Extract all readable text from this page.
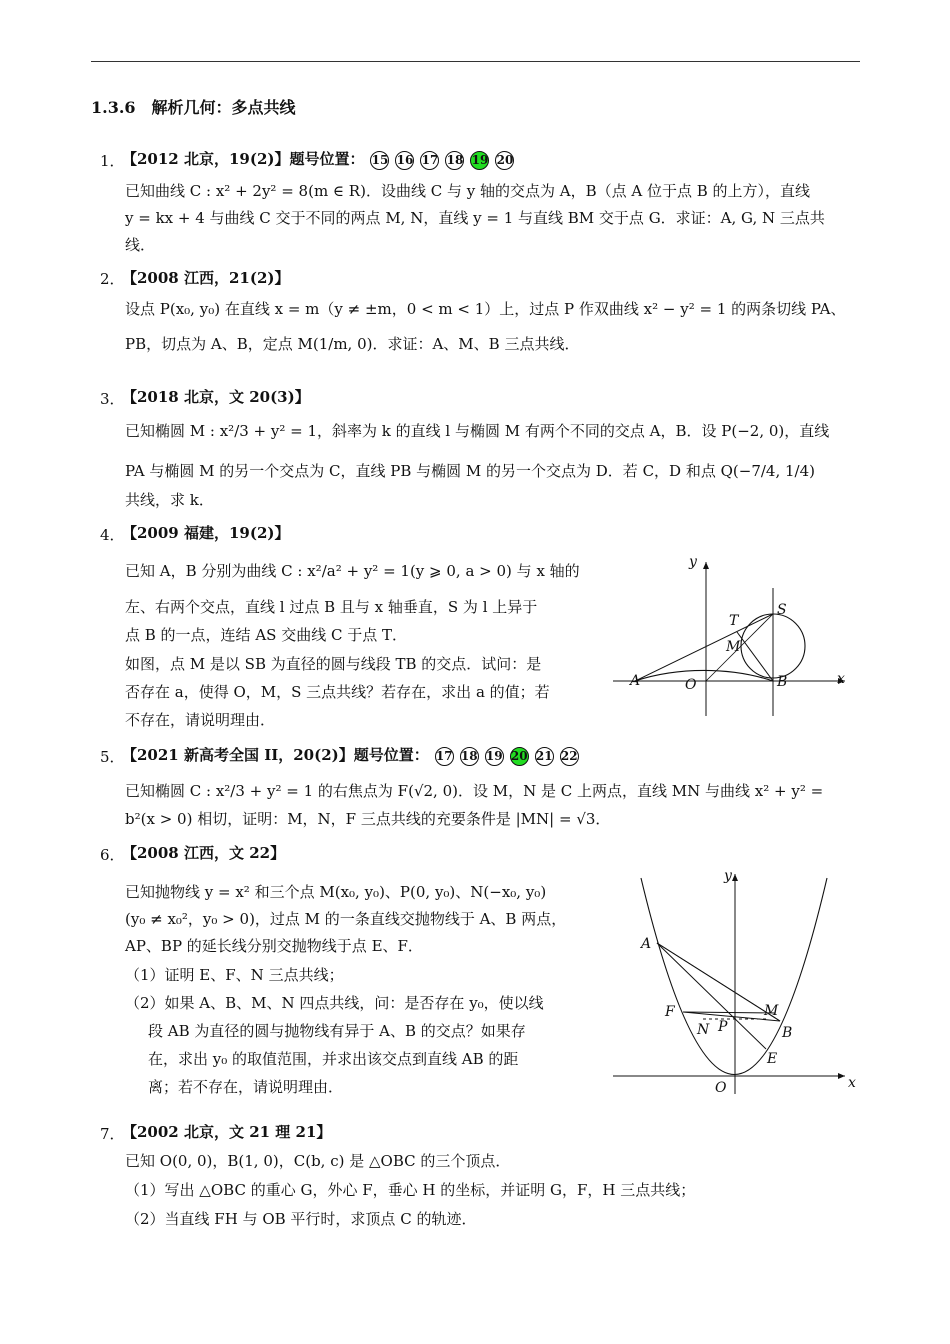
1.3.6　解析几何：多点共线
1．
【2012 北京，19(2)】题号位置： 15 16 17 18 19 20
已知曲线 C : x² + 2y² = 8(m ∈ R)．设曲线 C 与 y 轴的交点为 A，B（点 A 位于点 B 的上方），直线
y = kx + 4 与曲线 C 交于不同的两点 M, N，直线 y = 1 与直线 BM 交于点 G．求证：A, G, N 三点共
线．
2．
【2008 江西，21(2)】
设点 P(x₀, y₀) 在直线 x = m（y ≠ ±m，0 < m < 1）上，过点 P 作双曲线 x² − y² = 1 的两条切线 PA、
PB，切点为 A、B，定点 M(1/m, 0)．求证：A、M、B 三点共线．
3．
【2018 北京，文 20(3)】
已知椭圆 M : x²/3 + y² = 1，斜率为 k 的直线 l 与椭圆 M 有两个不同的交点 A，B．设 P(−2, 0)，直线
PA 与椭圆 M 的另一个交点为 C，直线 PB 与椭圆 M 的另一个交点为 D．若 C，D 和点 Q(−7/4, 1/4)
共线，求 k．
4．
【2009 福建，19(2)】
已知 A，B 分别为曲线 C : x²/a² + y² = 1(y ⩾ 0, a > 0) 与 x 轴的
左、右两个交点，直线 l 过点 B 且与 x 轴垂直，S 为 l 上异于
点 B 的一点，连结 AS 交曲线 C 于点 T．
如图，点 M 是以 SB 为直径的圆与线段 TB 的交点．试问：是
否存在 a，使得 O，M，S 三点共线？若存在，求出 a 的值；若
不存在，请说明理由．
y
x
A	O	B
T
S
M
5．
【2021 新高考全国 II，20(2)】题号位置： 17 18 19 20 21 22
已知椭圆 C : x²/3 + y² = 1 的右焦点为 F(√2, 0)．设 M，N 是 C 上两点，直线 MN 与曲线 x² + y² =
b²(x > 0) 相切，证明：M，N，F 三点共线的充要条件是 |MN| = √3．
6．
【2008 江西，文 22】
已知抛物线 y = x² 和三个点 M(x₀, y₀)、P(0, y₀)、N(−x₀, y₀)
(y₀ ≠ x₀²，y₀ > 0)，过点 M 的一条直线交抛物线于 A、B 两点，
AP、BP 的延长线分别交抛物线于点 E、F．
（1）证明 E、F、N 三点共线；
（2）如果 A、B、M、N 四点共线，问：是否存在 y₀，使以线
段 AB 为直径的圆与抛物线有异于 A、B 的交点？如果存
在，求出 y₀ 的取值范围，并求出该交点到直线 AB 的距
离；若不存在，请说明理由．
y
x
A
F
N P
M
B
E
O
7．
【2002 北京，文 21 理 21】
已知 O(0, 0)，B(1, 0)，C(b, c) 是 △OBC 的三个顶点．
（1）写出 △OBC 的重心 G，外心 F，垂心 H 的坐标，并证明 G，F，H 三点共线；
（2）当直线 FH 与 OB 平行时，求顶点 C 的轨迹．
